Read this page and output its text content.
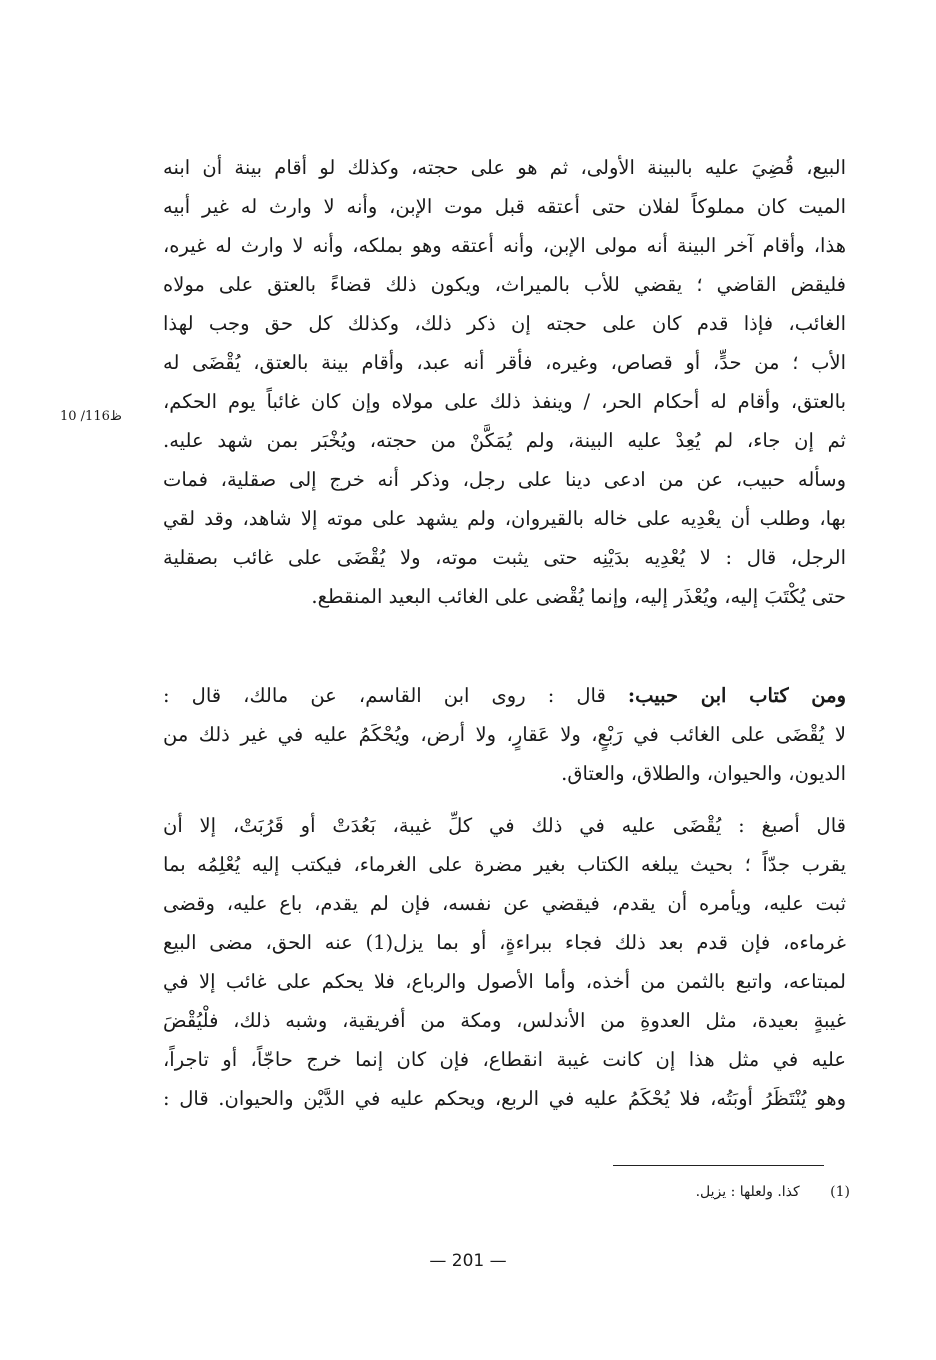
البيع، قُضِيَ عليه بالبينة الأولى، ثم هو على حجته، وكذلك لو أقام بينة أن ابنه
الميت كان مملوكاً لفلان حتى أعتقه قبل موت الإبن، وأنه لا وارث له غير أبيه
هذا، وأقام آخر البينة أنه مولى الإبن، وأنه أعتقه وهو بملكه، وأنه لا وارث له غيره،
فليقض القاضي ؛ يقضي للأب بالميراث، ويكون ذلك قضاءً بالعتق على مولاه
الغائب، فإذا قدم كان على حجته إن ذكر ذلك، وكذلك كل حق وجب لهذا
الأب ؛ من حدٍّ، أو قصاص، وغيره، فأقر أنه عبد، وأقام بينة بالعتق، يُقْضَى له
بالعتق، وأقام له أحكام الحر، / وينفذ ذلك على مولاه وإن كان غائباً يوم الحكم،
ثم إن جاء، لم يُعِدْ عليه البينة، ولم يُمَكَّنْ من حجته، ويُخْبَر بمن شهد عليه.
وسأله حبيب، عن من ادعى دينا على رجل، وذكر أنه خرج إلى صقلية، فمات
بها، وطلب أن يعْدِيه على خاله بالقيروان، ولم يشهد على موته إلا شاهد، وقد لقي
الرجل، قال : لا يُعْدِيه بدَيْنِه حتى يثبت موته، ولا يُقْضَى على غائب بصقلية
حتى يُكْتَبَ إليه، ويُعْذَر إليه، وإنما يُقْضى على الغائب البعيد المنقطع.
10 /116ظ
ومن كتاب ابن حبيب: قال : روى ابن القاسم، عن مالك، قال :
لا يُقْضَى على الغائب في رَبْعٍ، ولا عَقارٍ، ولا أرض، ويُحْكَمُ عليه في غير ذلك من
الديون، والحيوان، والطلاق، والعتاق.
قال أصبغ : يُقْضَى عليه في ذلك في كلِّ غيبة، بَعُدَتْ أو قَرُبَتْ، إلا أن
يقرب جدّاً ؛ بحيث يبلغه الكتاب بغير مضرة على الغرماء، فيكتب إليه يُعْلِمُه بما
ثبت عليه، ويأمره أن يقدم، فيقضي عن نفسه، فإن لم يقدم، باع عليه، وقضى
غرماءه، فإن قدم بعد ذلك فجاء ببراءةٍ، أو بما يزل(1) عنه الحق، مضى البيع
لمبتاعه، واتبع بالثمن من أخذه، وأما الأصول والرباع، فلا يحكم على غائب إلا في
غيبةٍ بعيدة، مثل العدوةِ من الأندلس، ومكة من أفريقية، وشبه ذلك، فلْيُقْضَ
عليه في مثل هذا إن كانت غيبة انقطاع، فإن كان إنما خرج حاجّاً، أو تاجراً،
وهو يُنْتَظَرُ أوبَتُه، فلا يُحْكَمُ عليه في الربع، ويحكم عليه في الدَّيْن والحيوان. قال :
(1) كذا. ولعلها : يزيل.
— 201 —
